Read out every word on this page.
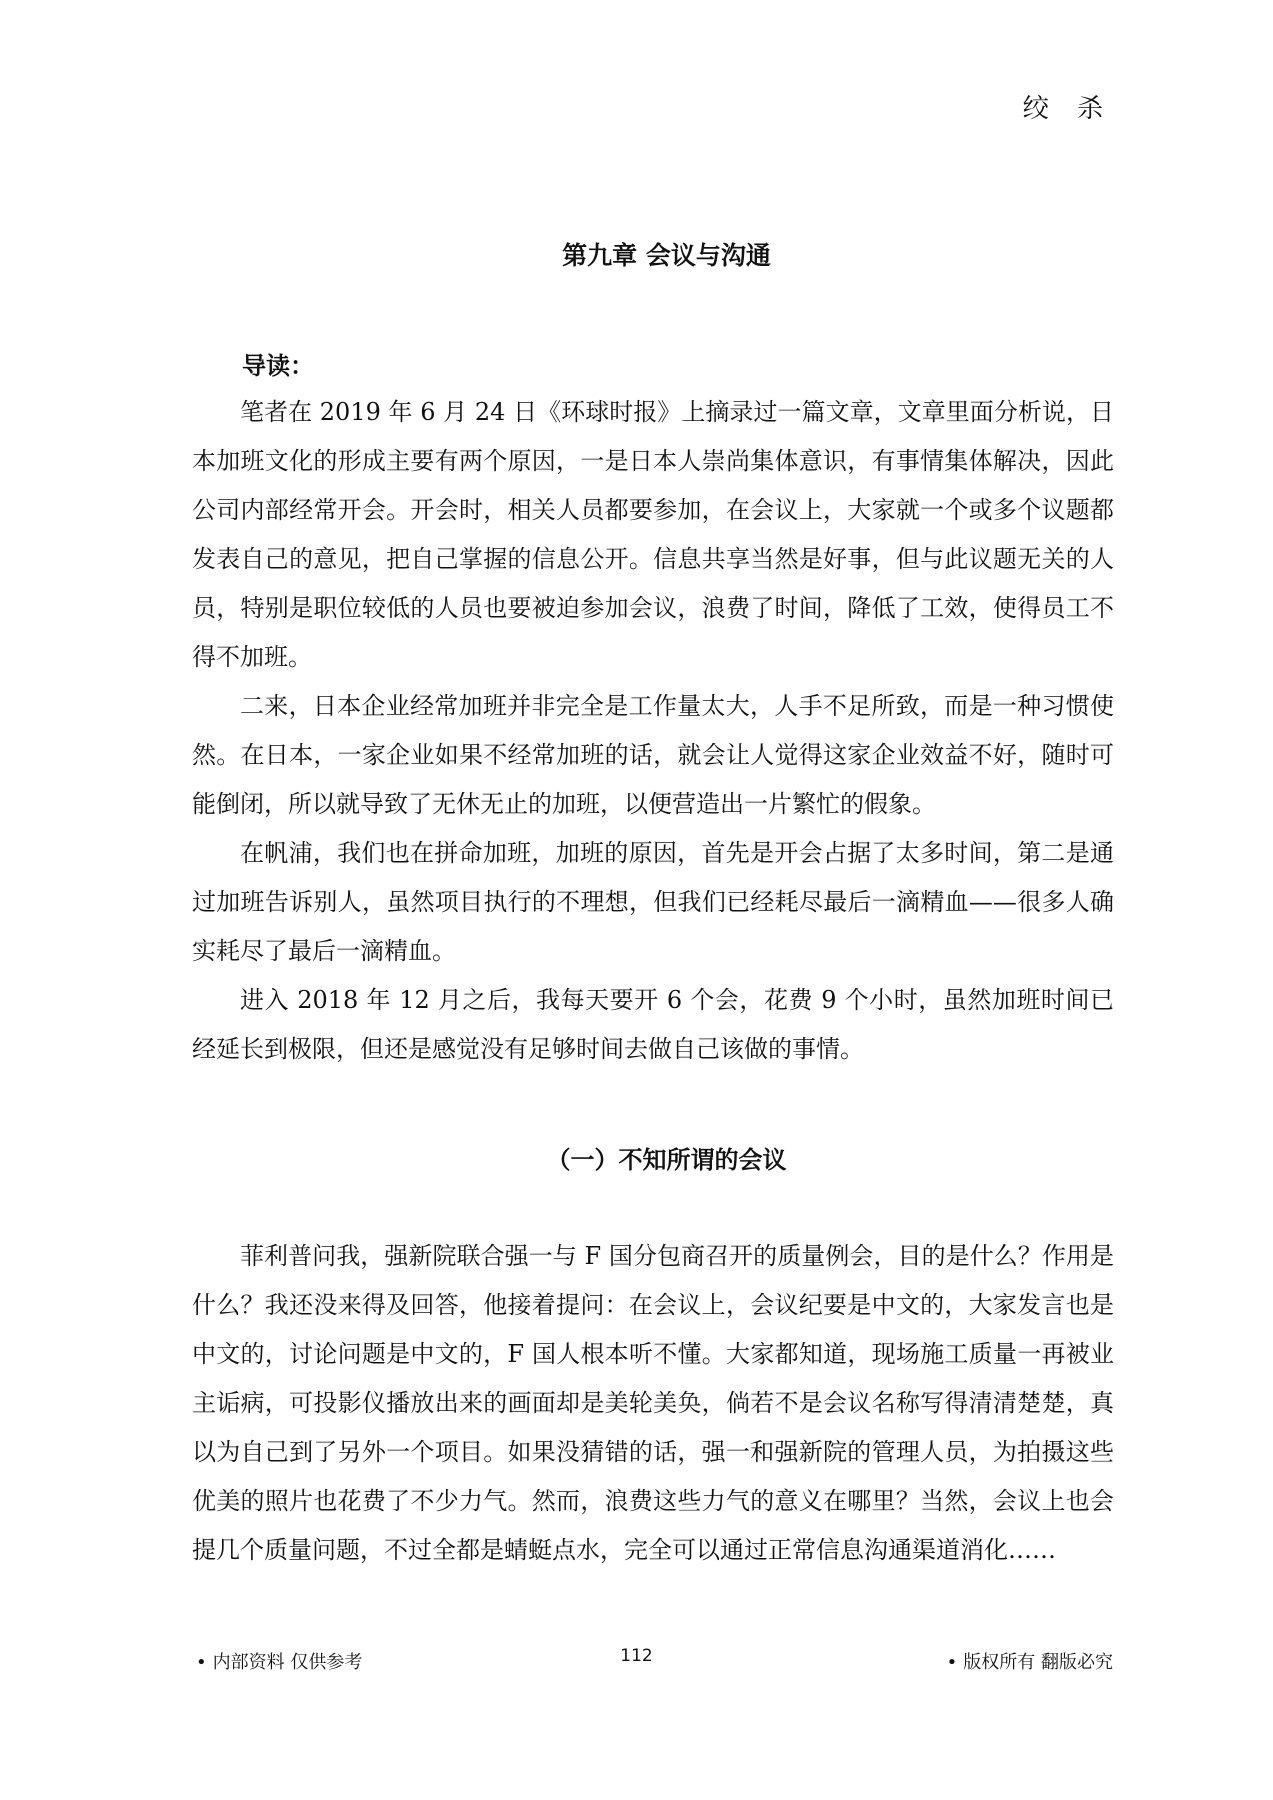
绞 杀
第九章 会议与沟通
导读：

笔者在 2019 年 6 月 24 日《环球时报》上摘录过一篇文章，文章里面分析说，日本加班文化的形成主要有两个原因，一是日本人崇尚集体意识，有事情集体解决，因此公司内部经常开会。开会时，相关人员都要参加，在会议上，大家就一个或多个议题都发表自己的意见，把自己掌握的信息公开。信息共享当然是好事，但与此议题无关的人员，特别是职位较低的人员也要被迫参加会议，浪费了时间，降低了工效，使得员工不得不加班。

二来，日本企业经常加班并非完全是工作量太大，人手不足所致，而是一种习惯使然。在日本，一家企业如果不经常加班的话，就会让人觉得这家企业效益不好，随时可能倒闭，所以就导致了无休无止的加班，以便营造出一片繁忙的假象。

在帆浦，我们也在拼命加班，加班的原因，首先是开会占据了太多时间，第二是通过加班告诉别人，虽然项目执行的不理想，但我们已经耗尽最后一滴精血——很多人确实耗尽了最后一滴精血。

进入 2018 年 12 月之后，我每天要开 6 个会，花费 9 个小时，虽然加班时间已经延长到极限，但还是感觉没有足够时间去做自己该做的事情。

（一）不知所谓的会议

菲利普问我，强新院联合强一与 F 国分包商召开的质量例会，目的是什么？作用是什么？我还没来得及回答，他接着提问：在会议上，会议纪要是中文的，大家发言也是中文的，讨论问题是中文的，F 国人根本听不懂。大家都知道，现场施工质量一再被业主诟病，可投影仪播放出来的画面却是美轮美奂，倘若不是会议名称写得清清楚楚，真以为自己到了另外一个项目。如果没猜错的话，强一和强新院的管理人员，为拍摄这些优美的照片也花费了不少力气。然而，浪费这些力气的意义在哪里？当然，会议上也会提几个质量问题，不过全都是蜻蜓点水，完全可以通过正常信息沟通渠道消化……

• 内部资料 仅供参考	112	• 版权所有 翻版必究
